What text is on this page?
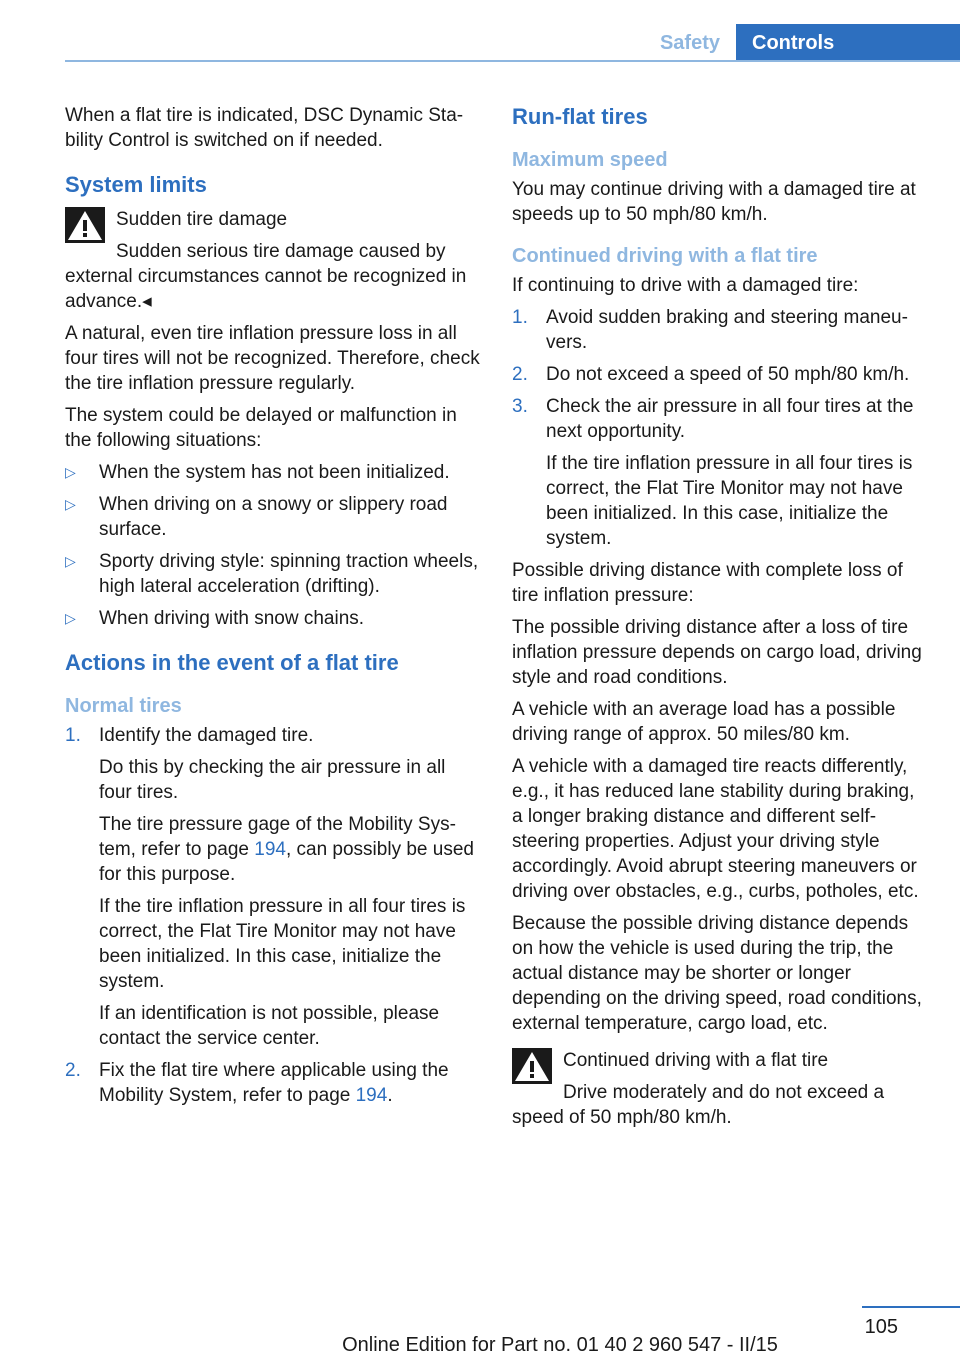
Safety	Controls

When a flat tire is indicated, DSC Dynamic Stability Control is switched on if needed.

System limits
Sudden tire damage
Sudden serious tire damage caused by external circumstances cannot be recognized in advance.◂

A natural, even tire inflation pressure loss in all four tires will not be recognized. Therefore, check the tire inflation pressure regularly.

The system could be delayed or malfunction in the following situations:

▷ When the system has not been initialized.
▷ When driving on a snowy or slippery road surface.
▷ Sporty driving style: spinning traction wheels, high lateral acceleration (drifting).
▷ When driving with snow chains.
Actions in the event of a flat tire
Normal tires
1. Identify the damaged tire.

Do this by checking the air pressure in all four tires.

The tire pressure gage of the Mobility System, refer to page 194, can possibly be used for this purpose.

If the tire inflation pressure in all four tires is correct, the Flat Tire Monitor may not have been initialized. In this case, initialize the system.

If an identification is not possible, please contact the service center.

2. Fix the flat tire where applicable using the Mobility System, refer to page 194.

Run-flat tires
Maximum speed

You may continue driving with a damaged tire at speeds up to 50 mph/80 km/h.

Continued driving with a flat tire

If continuing to drive with a damaged tire:

1. Avoid sudden braking and steering maneuvers.

2. Do not exceed a speed of 50 mph/80 km/h.

3. Check the air pressure in all four tires at the next opportunity.

If the tire inflation pressure in all four tires is correct, the Flat Tire Monitor may not have been initialized. In this case, initialize the system.

Possible driving distance with complete loss of tire inflation pressure:

The possible driving distance after a loss of tire inflation pressure depends on cargo load, driving style and road conditions.

A vehicle with an average load has a possible driving range of approx. 50 miles/80 km.

A vehicle with a damaged tire reacts differently, e.g., it has reduced lane stability during braking, a longer braking distance and different self-steering properties. Adjust your driving style accordingly. Avoid abrupt steering maneuvers or driving over obstacles, e.g., curbs, potholes, etc.

Because the possible driving distance depends on how the vehicle is used during the trip, the actual distance may be shorter or longer depending on the driving speed, road conditions, external temperature, cargo load, etc.

Continued driving with a flat tire
Drive moderately and do not exceed a speed of 50 mph/80 km/h.
105
Online Edition for Part no. 01 40 2 960 547 - II/15
